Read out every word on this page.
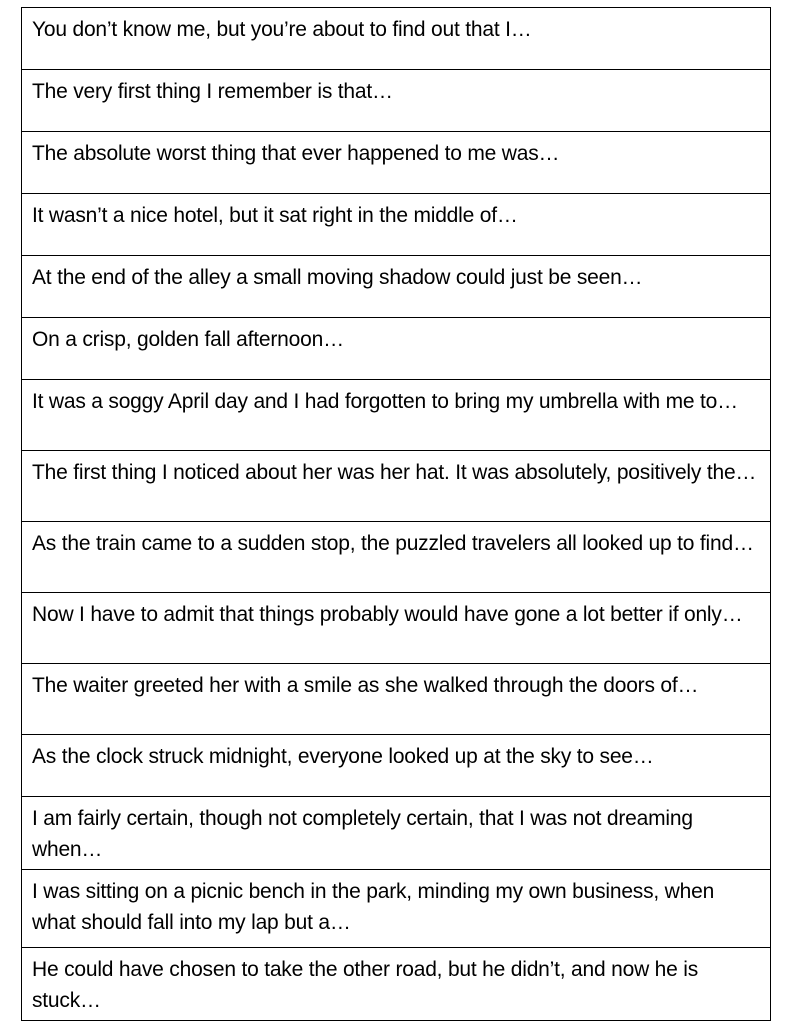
You don’t know me, but you’re about to find out that I…
The very first thing I remember is that…
The absolute worst thing that ever happened to me was…
It wasn’t a nice hotel, but it sat right in the middle of…
At the end of the alley a small moving shadow could just be seen…
On a crisp, golden fall afternoon…
It was a soggy April day and I had forgotten to bring my umbrella with me to…
The first thing I noticed about her was her hat. It was absolutely, positively the…
As the train came to a sudden stop, the puzzled travelers all looked up to find…
Now I have to admit that things probably would have gone a lot better if only…
The waiter greeted her with a smile as she walked through the doors of…
As the clock struck midnight, everyone looked up at the sky to see…
I am fairly certain, though not completely certain, that I was not dreaming when…
I was sitting on a picnic bench in the park, minding my own business, when what should fall into my lap but a…
He could have chosen to take the other road, but he didn’t, and now he is stuck…
